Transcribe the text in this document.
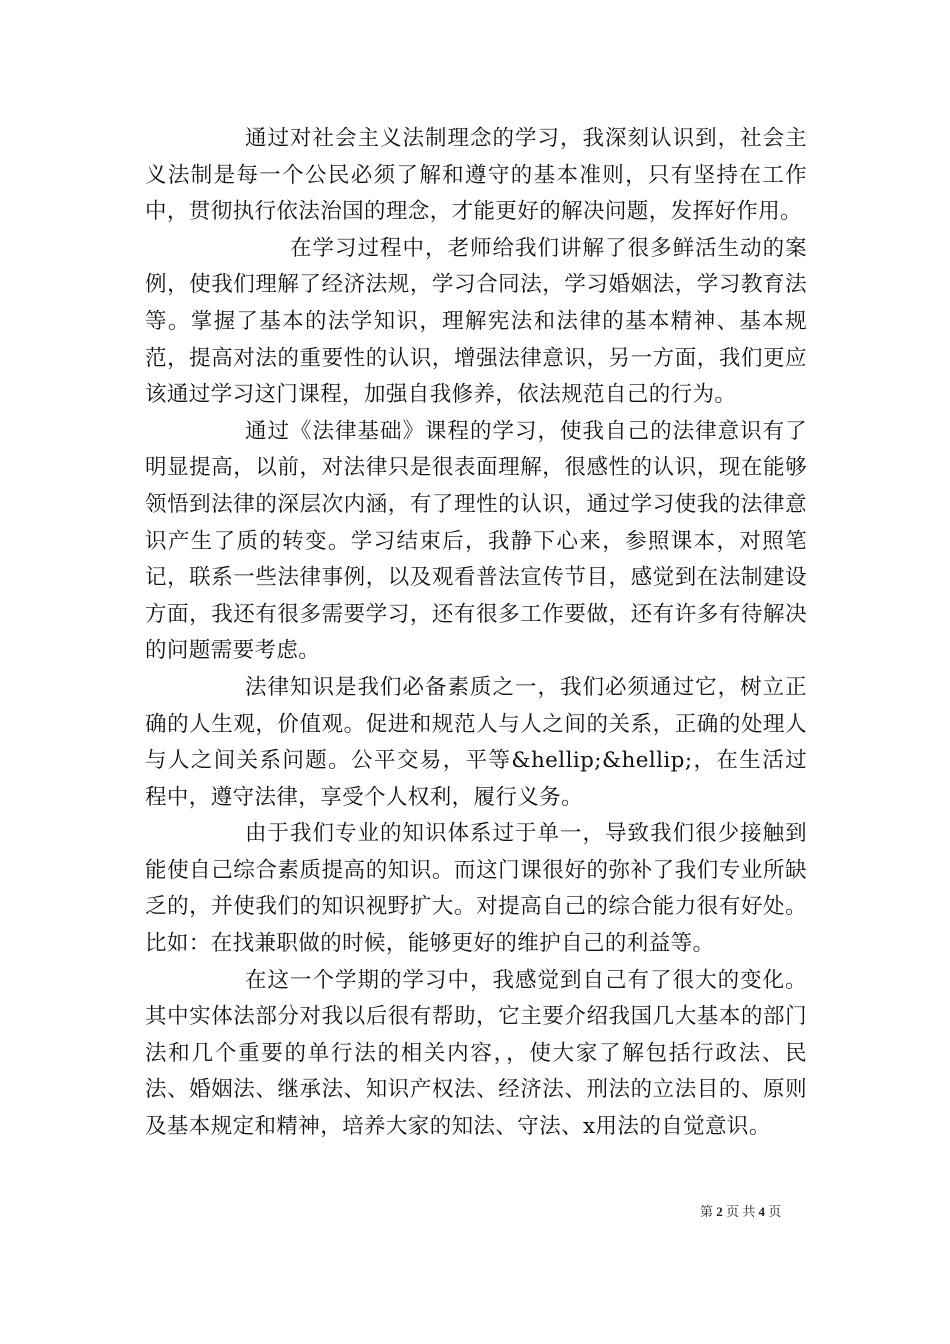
通过对社会主义法制理念的学习，我深刻认识到，社会主义法制是每一个公民必须了解和遵守的基本准则，只有坚持在工作中，贯彻执行依法治国的理念，才能更好的解决问题，发挥好作用。

在学习过程中，老师给我们讲解了很多鲜活生动的案例，使我们理解了经济法规，学习合同法，学习婚姻法，学习教育法等。掌握了基本的法学知识，理解宪法和法律的基本精神、基本规范，提高对法的重要性的认识，增强法律意识，另一方面，我们更应该通过学习这门课程，加强自我修养，依法规范自己的行为。

通过《法律基础》课程的学习，使我自己的法律意识有了明显提高，以前，对法律只是很表面理解，很感性的认识，现在能够领悟到法律的深层次内涵，有了理性的认识，通过学习使我的法律意识产生了质的转变。学习结束后，我静下心来，参照课本，对照笔记，联系一些法律事例，以及观看普法宣传节目，感觉到在法制建设方面，我还有很多需要学习，还有很多工作要做，还有许多有待解决的问题需要考虑。

法律知识是我们必备素质之一，我们必须通过它，树立正确的人生观，价值观。促进和规范人与人之间的关系，正确的处理人与人之间关系问题。公平交易，平等&hellip;&hellip;，在生活过程中，遵守法律，享受个人权利，履行义务。

由于我们专业的知识体系过于单一，导致我们很少接触到能使自己综合素质提高的知识。而这门课很好的弥补了我们专业所缺乏的，并使我们的知识视野扩大。对提高自己的综合能力很有好处。比如：在找兼职做的时候，能够更好的维护自己的利益等。

在这一个学期的学习中，我感觉到自己有了很大的变化。其中实体法部分对我以后很有帮助，它主要介绍我国几大基本的部门法和几个重要的单行法的相关内容，，使大家了解包括行政法、民法、婚姻法、继承法、知识产权法、经济法、刑法的立法目的、原则及基本规定和精神，培养大家的知法、守法、x用法的自觉意识。

第 2 页 共 4 页
